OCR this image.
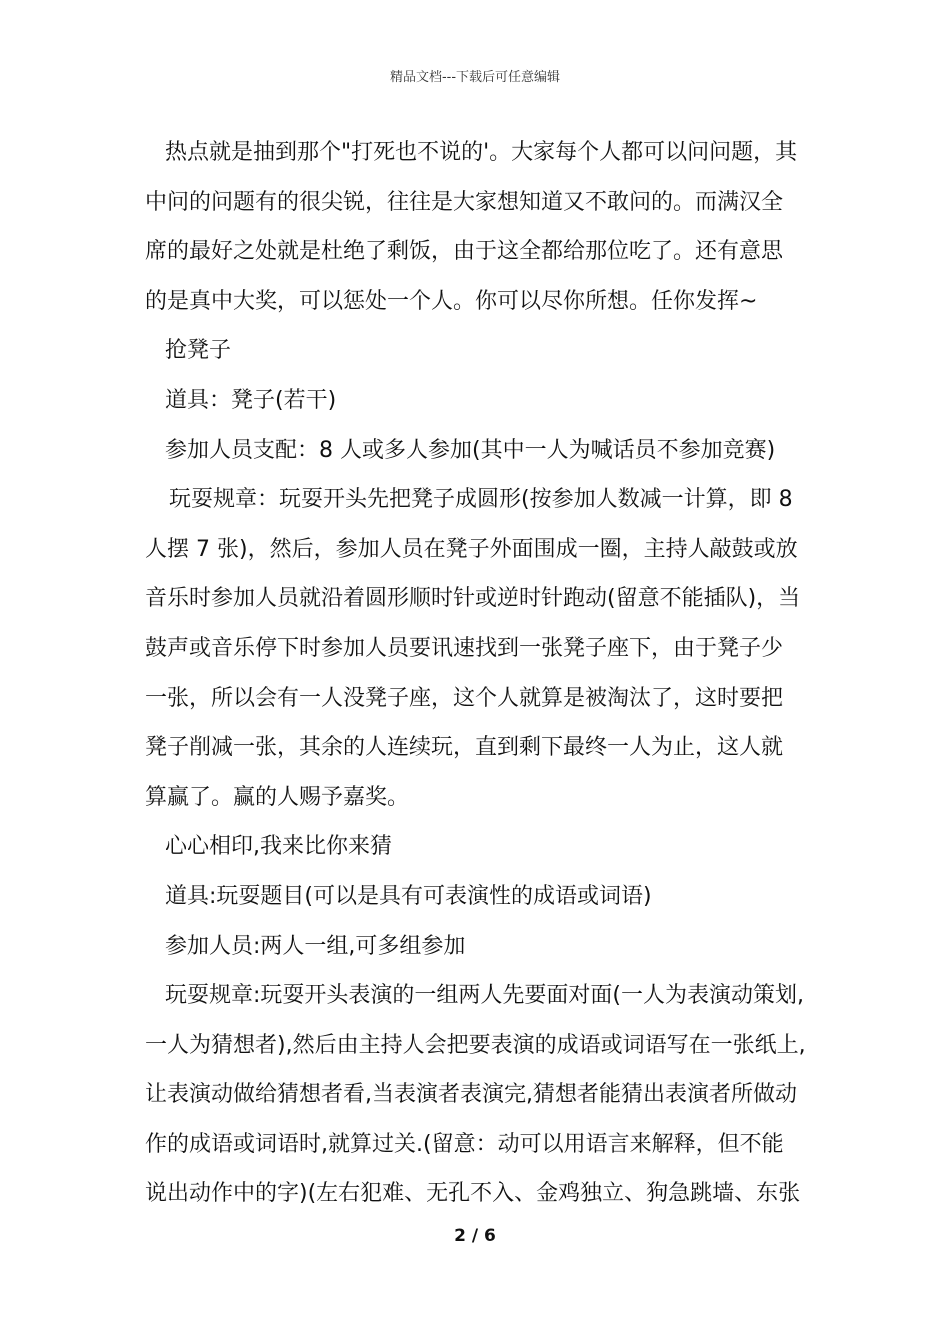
精品文档---下载后可任意编辑

热点就是抽到那个"打死也不说的'。大家每个人都可以问问题，其

中问的问题有的很尖锐，往往是大家想知道又不敢问的。而满汉全

席的最好之处就是杜绝了剩饭，由于这全都给那位吃了。还有意思

的是真中大奖，可以惩处一个人。你可以尽你所想。任你发挥~

抢凳子

道具：凳子(若干)

参加人员支配：8 人或多人参加(其中一人为喊话员不参加竞赛)

玩耍规章：玩耍开头先把凳子成圆形(按参加人数减一计算，即 8

人摆 7 张)，然后，参加人员在凳子外面围成一圈，主持人敲鼓或放

音乐时参加人员就沿着圆形顺时针或逆时针跑动(留意不能插队)，当

鼓声或音乐停下时参加人员要讯速找到一张凳子座下，由于凳子少

一张，所以会有一人没凳子座，这个人就算是被淘汰了，这时要把

凳子削减一张，其余的人连续玩，直到剩下最终一人为止，这人就

算赢了。赢的人赐予嘉奖。

心心相印,我来比你来猜

道具:玩耍题目(可以是具有可表演性的成语或词语)

参加人员:两人一组,可多组参加

玩耍规章:玩耍开头表演的一组两人先要面对面(一人为表演动策划,

一人为猜想者),然后由主持人会把要表演的成语或词语写在一张纸上,

让表演动做给猜想者看,当表演者表演完,猜想者能猜出表演者所做动

作的成语或词语时,就算过关.(留意：动可以用语言来解释，但不能

说出动作中的字)(左右犯难、无孔不入、金鸡独立、狗急跳墙、东张

2 / 6
